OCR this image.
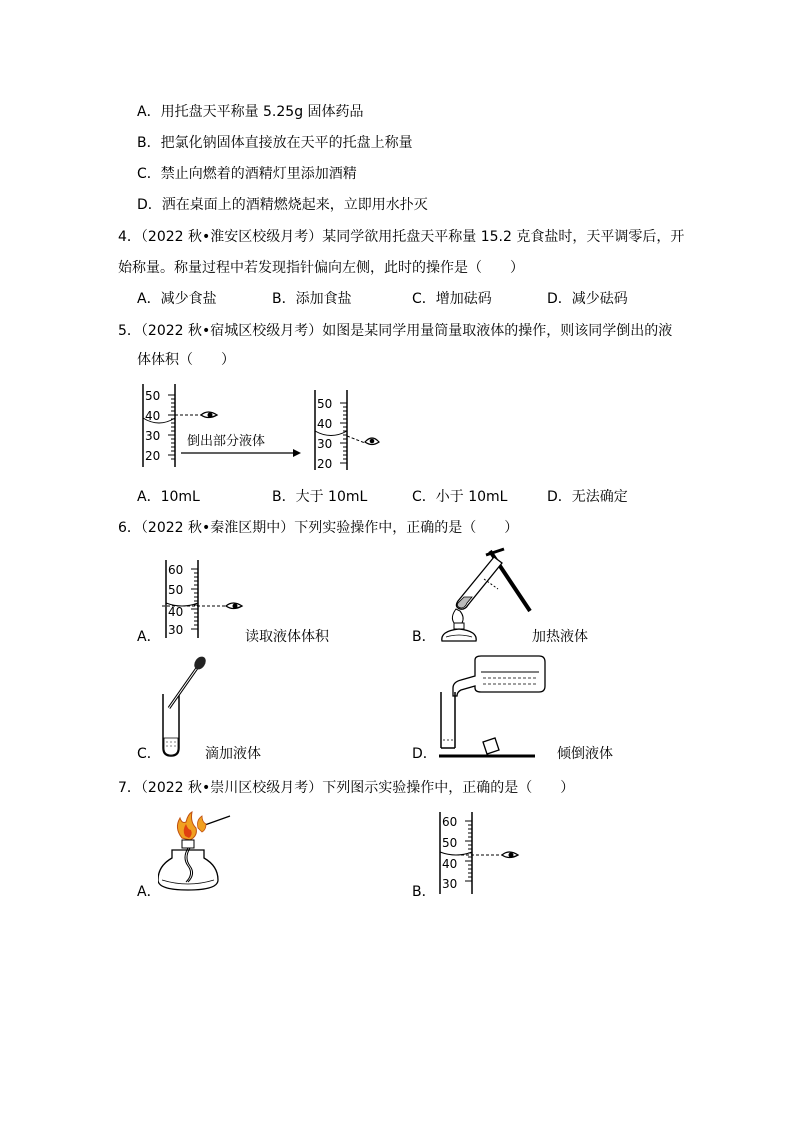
A．用托盘天平称量 5.25g 固体药品
B．把氯化钠固体直接放在天平的托盘上称量
C．禁止向燃着的酒精灯里添加酒精
D．洒在桌面上的酒精燃烧起来，立即用水扑灭
4．（2022 秋•淮安区校级月考）某同学欲用托盘天平称量 15.2 克食盐时，天平调零后，开
始称量。称量过程中若发现指针偏向左侧，此时的操作是（　　）
A．减少食盐	B．添加食盐	C．增加砝码	D．减少砝码
5．（2022 秋•宿城区校级月考）如图是某同学用量筒量取液体的操作，则该同学倒出的液
体体积（　　）
50
40
30
20
倒出部分液体
50
40
30
20
A．10mL	B．大于 10mL	C．小于 10mL	D．无法确定
6．（2022 秋•秦淮区期中）下列实验操作中，正确的是（　　）
A．
60
50
40
30	读取液体体积	B．	加热液体
C．	滴加液体	D．	倾倒液体
7．（2022 秋•崇川区校级月考）下列图示实验操作中，正确的是（　　）
A．	B．
60
50
40
30
